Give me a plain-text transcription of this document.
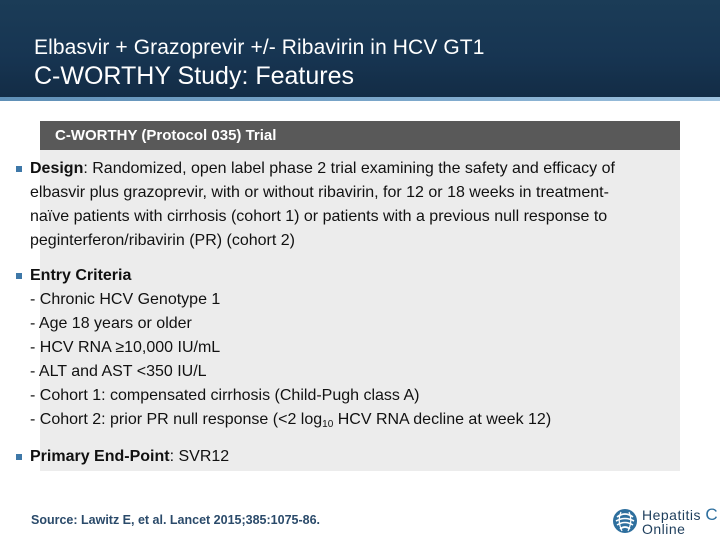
Elbasvir + Grazoprevir +/- Ribavirin in HCV GT1
C-WORTHY Study: Features
C-WORTHY (Protocol 035) Trial
Design: Randomized, open label phase 2 trial examining the safety and efficacy of elbasvir plus grazoprevir, with or without ribavirin, for 12 or 18 weeks in treatment-naïve patients with cirrhosis (cohort 1) or patients with a previous null response to peginterferon/ribavirin (PR) (cohort 2)
Entry Criteria
- Chronic HCV Genotype 1
- Age 18 years or older
- HCV RNA ≥10,000 IU/mL
- ALT and AST <350 IU/L
- Cohort 1: compensated cirrhosis (Child-Pugh class A)
- Cohort 2: prior PR null response (<2 $\log_{10}$ HCV RNA decline at week 12)
Primary End-Point: SVR12
Source: Lawitz E, et al. Lancet 2015;385:1075-86.	Hepatitis C
Online
